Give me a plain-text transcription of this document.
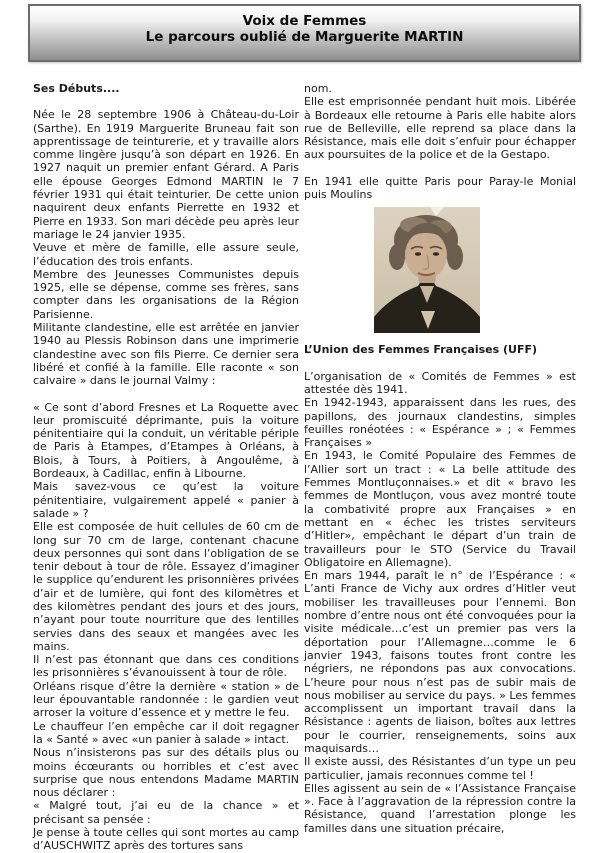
Voix de Femmes
Le parcours oublié de Marguerite MARTIN

Ses Débuts....

Née le 28 septembre 1906 à Château-du-Loir (Sarthe). En 1919 Marguerite Bruneau fait son apprentissage de teinturerie, et y travaille alors comme lingère jusqu’à son départ en 1926. En 1927 naquit un premier enfant Gérard. A Paris elle épouse Georges Edmond MARTIN le 7 février 1931 qui était teinturier. De cette union naquirent deux enfants Pierrette en 1932 et Pierre en 1933. Son mari décède peu après leur mariage le 24 janvier 1935.

Veuve et mère de famille, elle assure seule, l’éducation des trois enfants.

Membre des Jeunesses Communistes depuis 1925, elle se dépense, comme ses frères, sans compter dans les organisations de la Région Parisienne.

Militante clandestine, elle est arrêtée en janvier 1940 au Plessis Robinson dans une imprimerie clandestine avec son fils Pierre. Ce dernier sera libéré et confié à la famille. Elle raconte « son calvaire » dans le journal Valmy :

« Ce sont d’abord Fresnes et La Roquette avec leur promiscuité déprimante, puis la voiture pénitentiaire qui la conduit, un véritable périple de Paris à Etampes, d’Etampes à Orléans, à Blois, à Tours, à Poitiers, à Angoulême, à Bordeaux, à Cadillac, enfin à Libourne.

Mais savez-vous ce qu’est la voiture pénitentiaire, vulgairement appelé « panier à salade » ?

Elle est composée de huit cellules de 60 cm de long sur 70 cm de large, contenant chacune deux personnes qui sont dans l’obligation de se tenir debout à tour de rôle. Essayez d’imaginer le supplice qu’endurent les prisonnières privées d’air et de lumière, qui font des kilomètres et des kilomètres pendant des jours et des jours, n’ayant pour toute nourriture que des lentilles servies dans des seaux et mangées avec les mains.

Il n’est pas étonnant que dans ces conditions les prisonnières s’évanouissent à tour de rôle.

Orléans risque d’être la dernière « station » de leur épouvantable randonnée : le gardien veut arroser la voiture d’essence et y mettre le feu.

Le chauffeur l’en empêche car il doit regagner la « Santé » avec «un panier à salade » intact.

Nous n’insisterons pas sur des détails plus ou moins écœurants ou horribles et c’est avec surprise que nous entendons Madame MARTIN nous déclarer :

« Malgré tout, j’ai eu de la chance » et précisant sa pensée :

Je pense à toute celles qui sont mortes au camp d’AUSCHWITZ après des tortures sans

nom.

Elle est emprisonnée pendant huit mois. Libérée à Bordeaux elle retourne à Paris elle habite alors rue de Belleville, elle reprend sa place dans la Résistance, mais elle doit s’enfuir pour échapper aux poursuites de la police et de la Gestapo.

En 1941 elle quitte Paris pour Paray-le Monial puis Moulins

L’Union des Femmes Françaises (UFF)

L’organisation de « Comités de Femmes » est attestée dès 1941.

En 1942-1943, apparaissent dans les rues, des papillons, des journaux clandestins, simples feuilles ronéotées : « Espérance » ; « Femmes Françaises »

En 1943, le Comité Populaire des Femmes de l’Allier sort un tract : « La belle attitude des Femmes Montluçonnaises.» et dit « bravo les femmes de Montluçon, vous avez montré toute la combativité propre aux Françaises » en mettant en « échec les tristes serviteurs d’Hitler», empêchant le départ d’un train de travailleurs pour le STO (Service du Travail Obligatoire en Allemagne).

En mars 1944, paraît le n° de l’Espérance : « L’anti France de Vichy aux ordres d’Hitler veut mobiliser les travailleuses pour l’ennemi. Bon nombre d’entre nous ont été convoquées pour la visite médicale…c’est un premier pas vers la déportation pour l’Allemagne…comme le 6 janvier 1943, faisons toutes front contre les négriers, ne répondons pas aux convocations. L’heure pour nous n’est pas de subir mais de nous mobiliser au service du pays. » Les femmes accomplissent un important travail dans la Résistance : agents de liaison, boîtes aux lettres pour le courrier, renseignements, soins aux maquisards…

Il existe aussi, des Résistantes d’un type un peu particulier, jamais reconnues comme tel !

Elles agissent au sein de « l’Assistance Française ». Face à l’aggravation de la répression contre la Résistance, quand l’arrestation plonge les familles dans une situation précaire,
